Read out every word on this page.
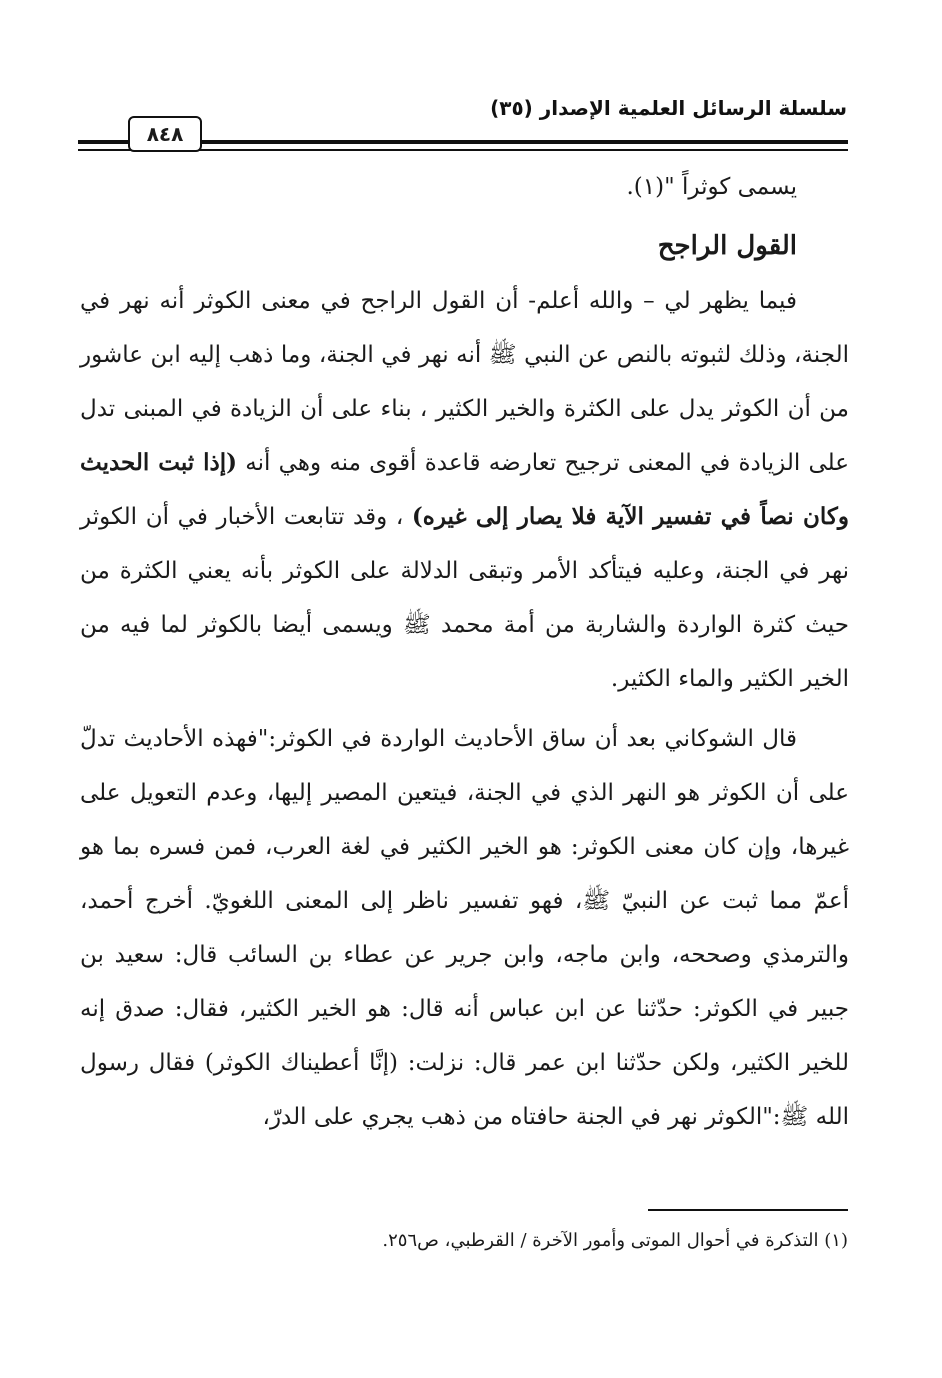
سلسلة الرسائل العلمية الإصدار (٣٥)
٨٤٨

يسمى كوثراً "(١).

القول الراجح

فيما يظهر لي – والله أعلم- أن القول الراجح في معنى الكوثر أنه نهر في الجنة، وذلك لثبوته بالنص عن النبي ﷺ أنه نهر في الجنة، وما ذهب إليه ابن عاشور من أن الكوثر يدل على الكثرة والخير الكثير ، بناء على أن الزيادة في المبنى تدل على الزيادة في المعنى ترجيح تعارضه قاعدة أقوى منه وهي أنه (إذا ثبت الحديث وكان نصاً في تفسير الآية فلا يصار إلى غيره) ، وقد تتابعت الأخبار في أن الكوثر نهر في الجنة، وعليه فيتأكد الأمر وتبقى الدلالة على الكوثر بأنه يعني الكثرة من حيث كثرة الواردة والشاربة من أمة محمد ﷺ ويسمى أيضا بالكوثر لما فيه من الخير الكثير والماء الكثير.

قال الشوكاني بعد أن ساق الأحاديث الواردة في الكوثر:"فهذه الأحاديث تدلّ على أن الكوثر هو النهر الذي في الجنة، فيتعين المصير إليها، وعدم التعويل على غيرها، وإن كان معنى الكوثر: هو الخير الكثير في لغة العرب، فمن فسره بما هو أعمّ مما ثبت عن النبيّ ﷺ، فهو تفسير ناظر إلى المعنى اللغويّ. أخرج أحمد، والترمذي وصححه، وابن ماجه، وابن جرير عن عطاء بن السائب قال: سعيد بن جبير في الكوثر: حدّثنا عن ابن عباس أنه قال: هو الخير الكثير، فقال: صدق إنه للخير الكثير، ولكن حدّثنا ابن عمر قال: نزلت: (إنَّا أعطيناك الكوثر) فقال رسول الله ﷺ:"الكوثر نهر في الجنة حافتاه من ذهب يجري على الدرّ،

(١) التذكرة في أحوال الموتى وأمور الآخرة / القرطبي، ص٢٥٦.
